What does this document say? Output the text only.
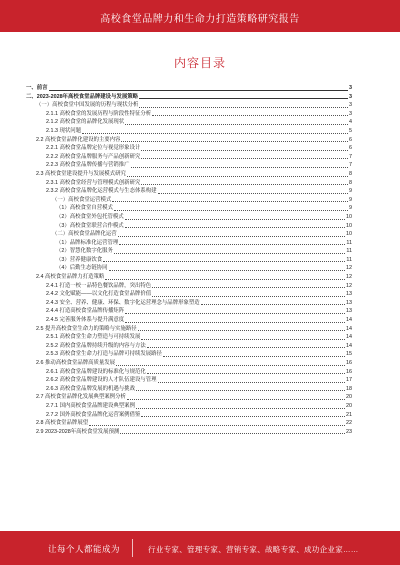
高校食堂品牌力和生命力打造策略研究报告
内容目录
一、前言	3
二、2023-2028年高校食堂品牌建设与发展策略	3
（一）高校食堂中国发展的历程与现状分析	3
2.1.1 高校食堂的发展历程与阶段性特征分析	3
2.1.2 高校食堂的品牌化发展现状	4
2.1.3 现状问题	5
2.2 高校食堂品牌化建设的主要内容	6
2.2.1 高校食堂品牌定位与视觉形象设计	6
2.2.2 高校食堂品牌服务与产品创新研究	7
2.2.3 高校食堂品牌传播与营销推广	7
2.3 高校食堂建设提升与发展模式研究	8
2.3.1 高校食堂经营与管理模式创新研究	8
2.3.2 高校食堂品牌化运营模式与生态体系构建	9
（一）高校食堂运营模式	9
（1）高校食堂自营模式	9
（2）高校食堂外包托管模式	10
（3）高校食堂联营合作模式	10
（二）高校食堂品牌化运营	10
（1）品牌标准化运营管理	11
（2）智慧化数字化服务	11
（3）营养健康饮食	11
（4）后勤生态链协同	12
2.4 高校食堂品牌力打造策略	12
2.4.1 打造一校一品特色餐饮品牌，突出特色	12
2.4.2 文化赋能——以文化打造食堂品牌价值	13
2.4.3 安全、营养、健康、环保、数字化运营理念与品牌形象塑造	13
2.4.4 打造高校食堂品牌传播矩阵	13
2.4.5 完善服务体系与提升满意度	14
2.5 提升高校食堂生命力的策略与实施路径	14
2.5.1 高校食堂生命力塑造与可持续发展	14
2.5.2 高校食堂品牌持续升级的内容与方法	14
2.5.3 高校食堂生命力打造与品牌可持续发展路径	15
2.6 推动高校食堂品牌高质量发展	16
2.6.1 高校食堂品牌建设的标准化与规范化	16
2.6.2 高校食堂品牌建设的人才队伍建设与管理	17
2.6.3 高校食堂品牌发展的机遇与挑战	18
2.7 高校食堂品牌化发展典型案例分析	20
2.7.1 国内高校食堂品牌建设典型案例	20
2.7.2 国外高校食堂品牌化运营案例借鉴	21
2.8 高校食堂品牌展望	22
2.9 2023-2028年高校食堂发展预测	23
让每个人都能成为	行业专家、管理专家、营销专家、战略专家、成功企业家……
